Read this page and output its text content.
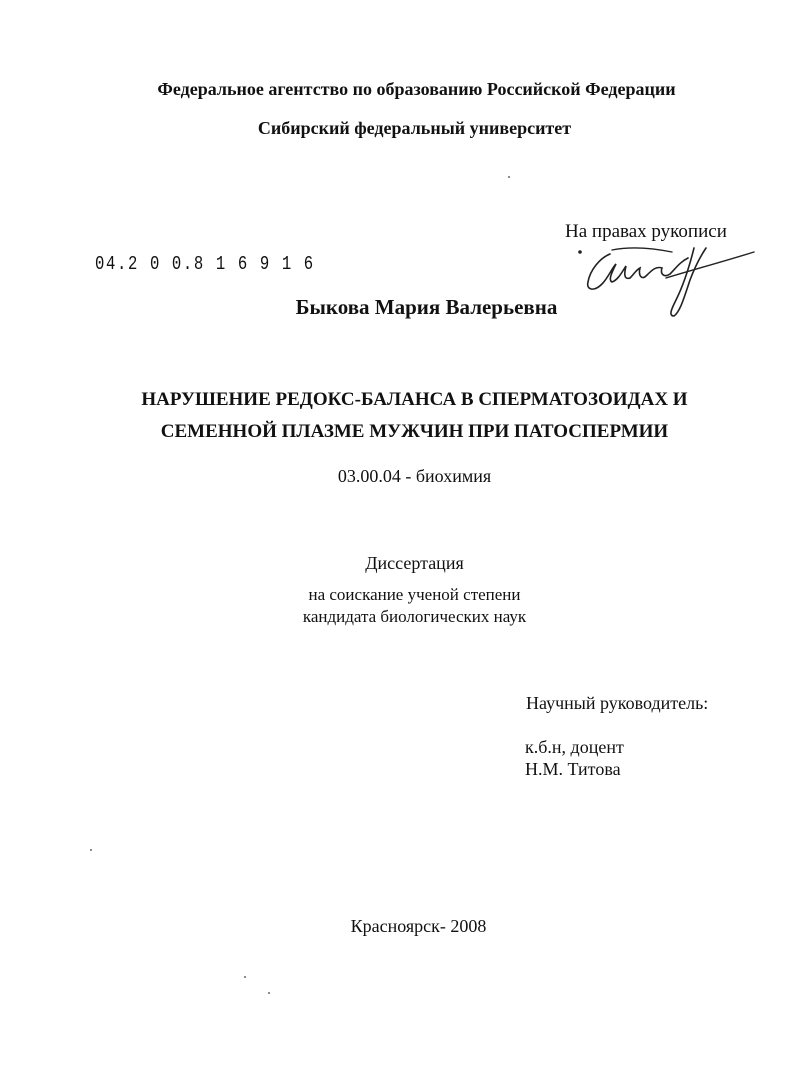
Федеральное агентство по образованию Российской Федерации
Сибирский федеральный университет
На правах рукописи
04.2 0 0.8 1 6 9 1 6
Быкова Мария Валерьевна
НАРУШЕНИЕ РЕДОКС-БАЛАНСА В СПЕРМАТОЗОИДАХ И
СЕМЕННОЙ ПЛАЗМЕ МУЖЧИН ПРИ ПАТОСПЕРМИИ
03.00.04 - биохимия
Диссертация
на соискание ученой степени
кандидата биологических наук
Научный руководитель:
к.б.н, доцент
Н.М. Титова
Красноярск- 2008
